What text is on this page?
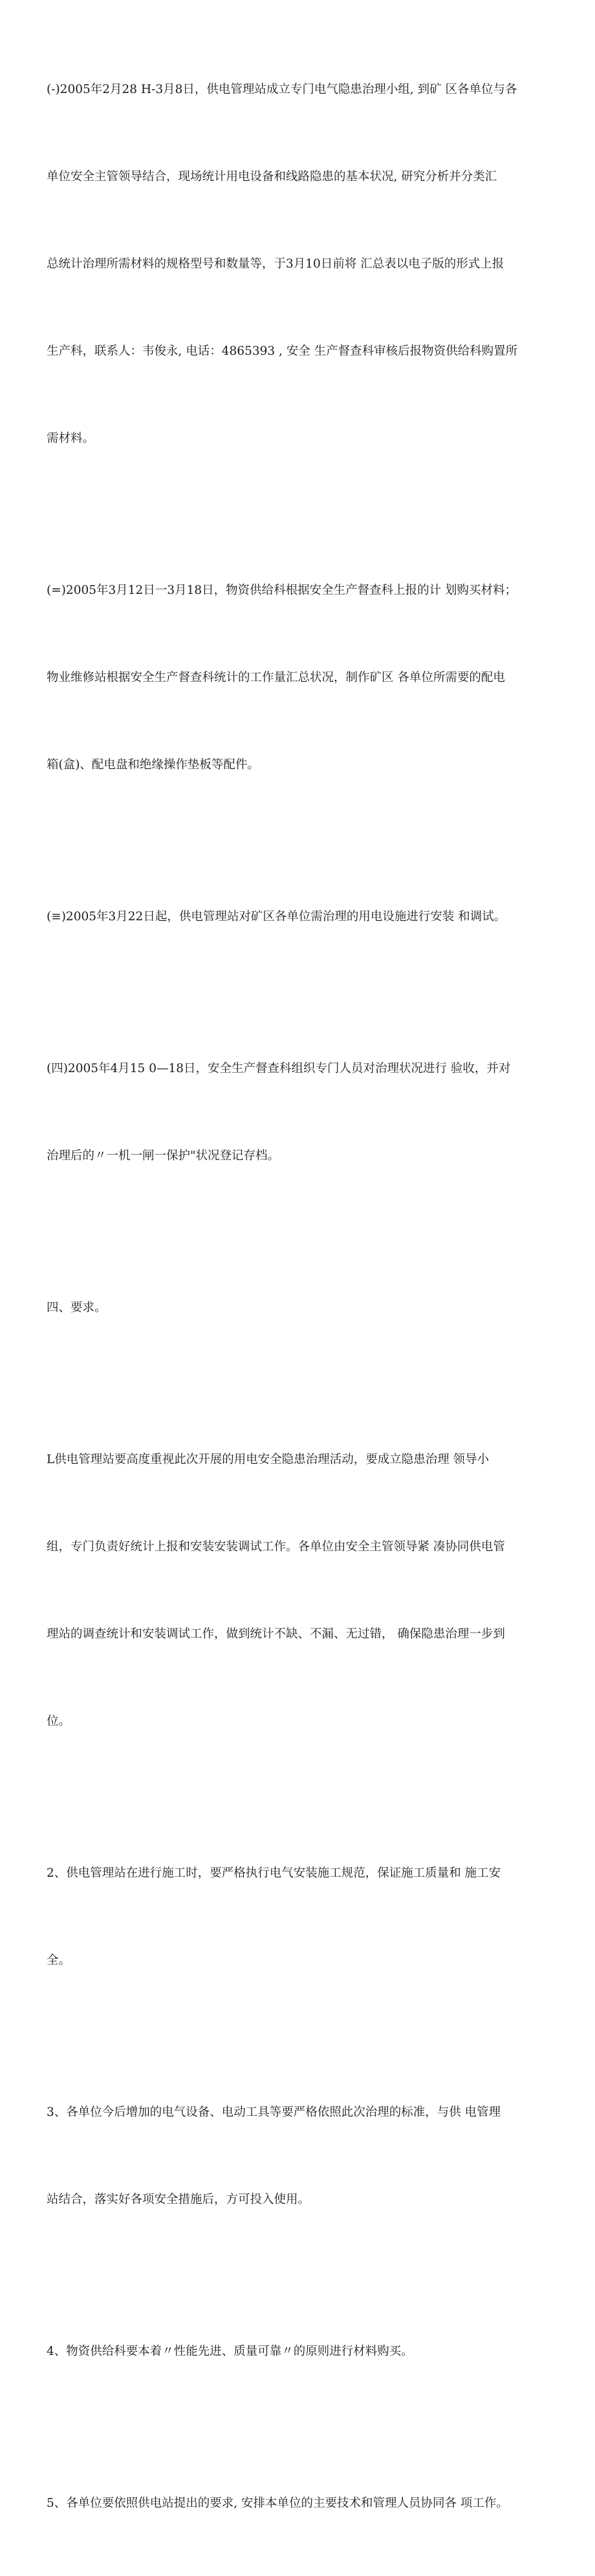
(-)2005年2月28 H-3月8日，供电管理站成立专门电气隐患治理小组, 到矿 区各单位与各

单位安全主管领导结合，现场统计用电设备和线路隐患的基本状况, 研究分析并分类汇

总统计治理所需材料的规格型号和数量等，于3月10日前将 汇总表以电子版的形式上报

生产科，联系人：韦俊永, 电话：4865393 , 安全 生产督查科审核后报物资供给科购置所

需材料。

(=)2005年3月12日一3月18日，物资供给科根据安全生产督查科上报的计 划购买材料；

物业维修站根据安全生产督查科统计的工作量汇总状况，制作矿区 各单位所需要的配电

箱(盒)、配电盘和绝缘操作垫板等配件。

(≡)2005年3月22日起，供电管理站对矿区各单位需治理的用电设施进行安装 和调试。

(四)2005年4月15 0—18日，安全生产督查科组织专门人员对治理状况进行 验收，并对

治理后的〃一机一闸一保护"状况登记存档。

四、要求。

L供电管理站要高度重视此次开展的用电安全隐患治理活动，要成立隐患治理 领导小

组，专门负责好统计上报和安装安装调试工作。各单位由安全主管领导紧 凑协同供电管

理站的调查统计和安装调试工作，做到统计不缺、不漏、无过错， 确保隐患治理一步到

位。

2、供电管理站在进行施工时，要严格执行电气安装施工规范，保证施工质量和 施工安

全。

3、各单位今后增加的电气设备、电动工具等要严格依照此次治理的标准，与供 电管理

站结合，落实好各项安全措施后，方可投入使用。

4、物资供给科要本着〃性能先进、质量可靠〃的原则进行材料购买。

5、各单位要依照供电站提出的要求, 安排本单位的主要技术和管理人员协同各 项工作。
